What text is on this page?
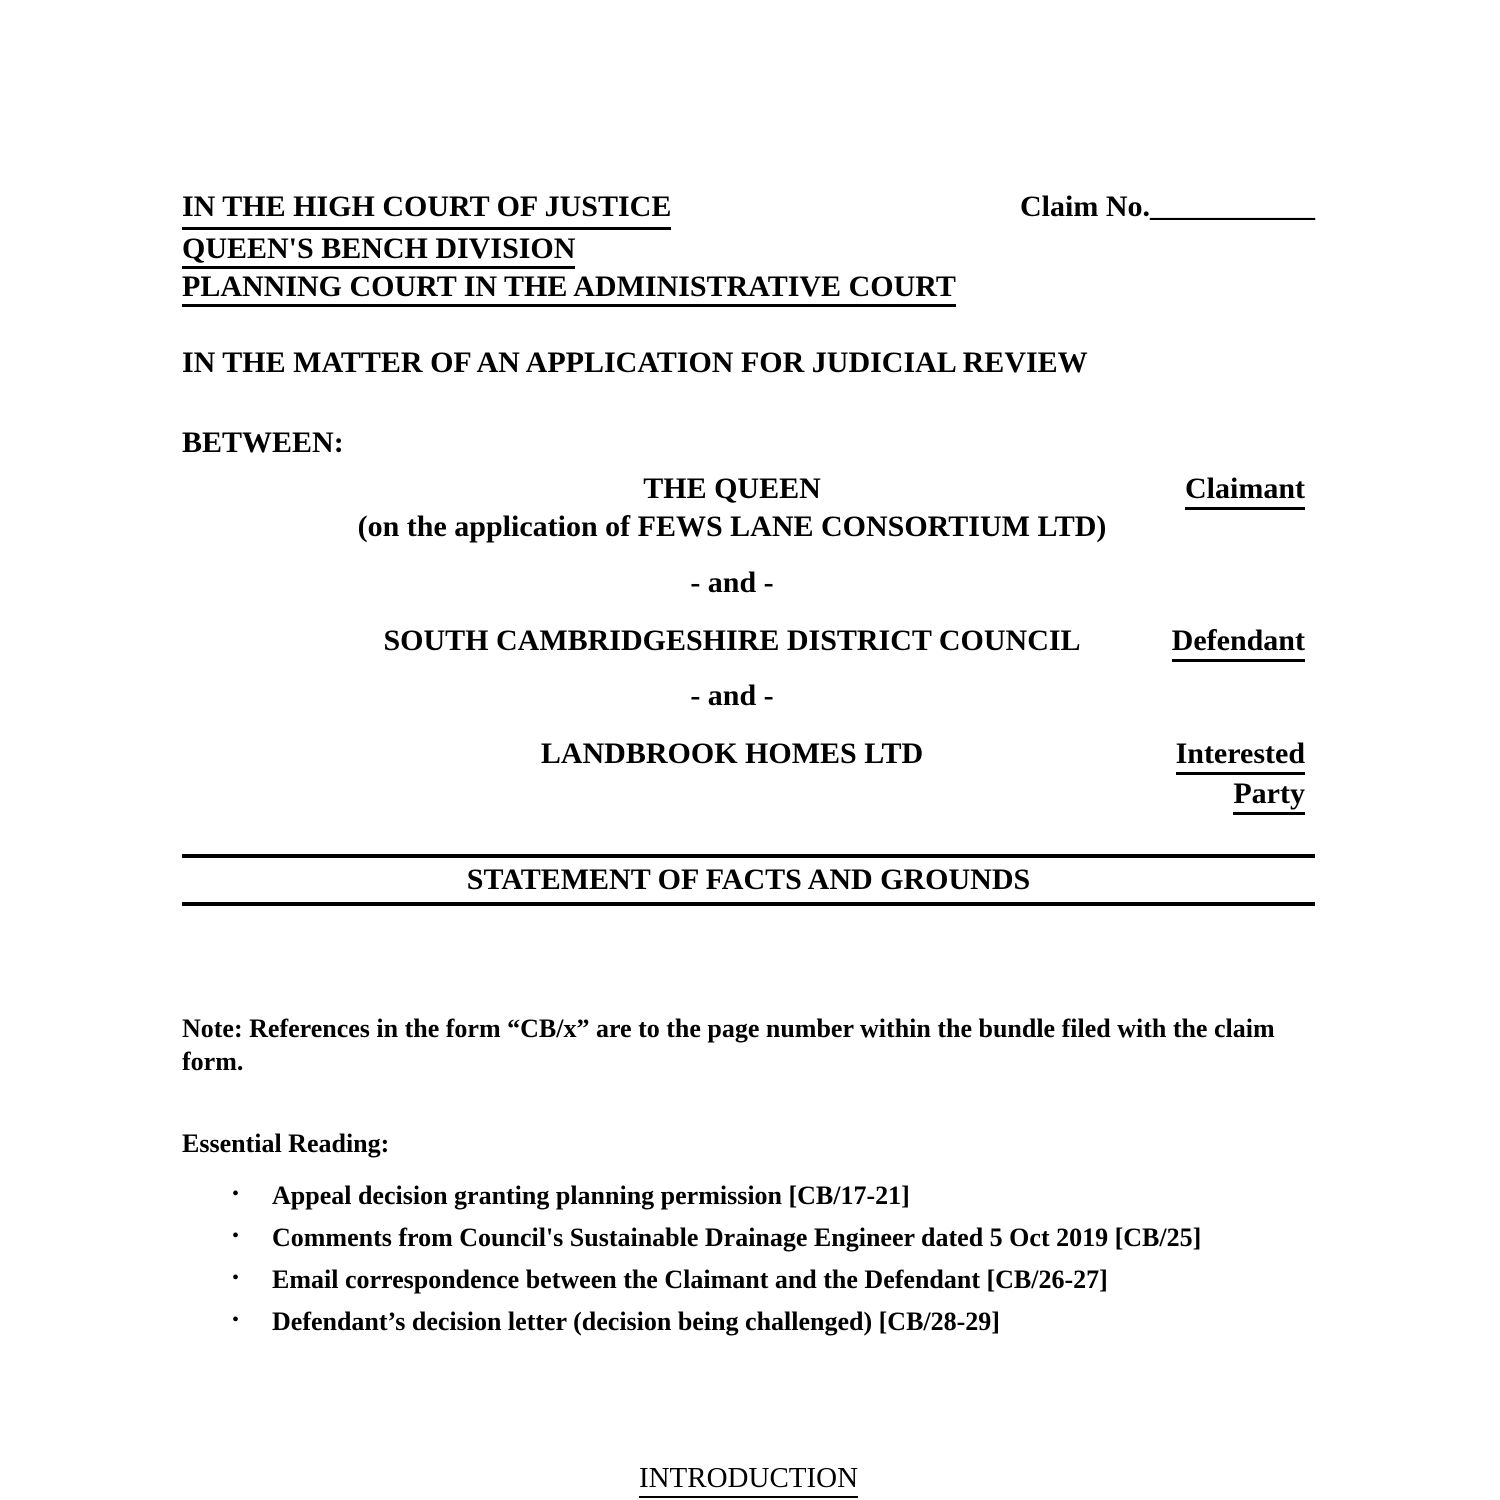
IN THE HIGH COURT OF JUSTICE	Claim No.___________
QUEEN'S BENCH DIVISION
PLANNING COURT IN THE ADMINISTRATIVE COURT
IN THE MATTER OF AN APPLICATION FOR JUDICIAL REVIEW
BETWEEN:
THE QUEEN
(on the application of FEWS LANE CONSORTIUM LTD)
Claimant
- and -
SOUTH CAMBRIDGESHIRE DISTRICT COUNCIL	Defendant
- and -
LANDBROOK HOMES LTD	Interested
Party
STATEMENT OF FACTS AND GROUNDS
Note: References in the form “CB/x” are to the page number within the bundle filed with the claim form.
Essential Reading:
•	Appeal decision granting planning permission [CB/17-21]
•	Comments from Council's Sustainable Drainage Engineer dated 5 Oct 2019 [CB/25]
•	Email correspondence between the Claimant and the Defendant [CB/26-27]
•	Defendant’s decision letter (decision being challenged) [CB/28-29]
INTRODUCTION
